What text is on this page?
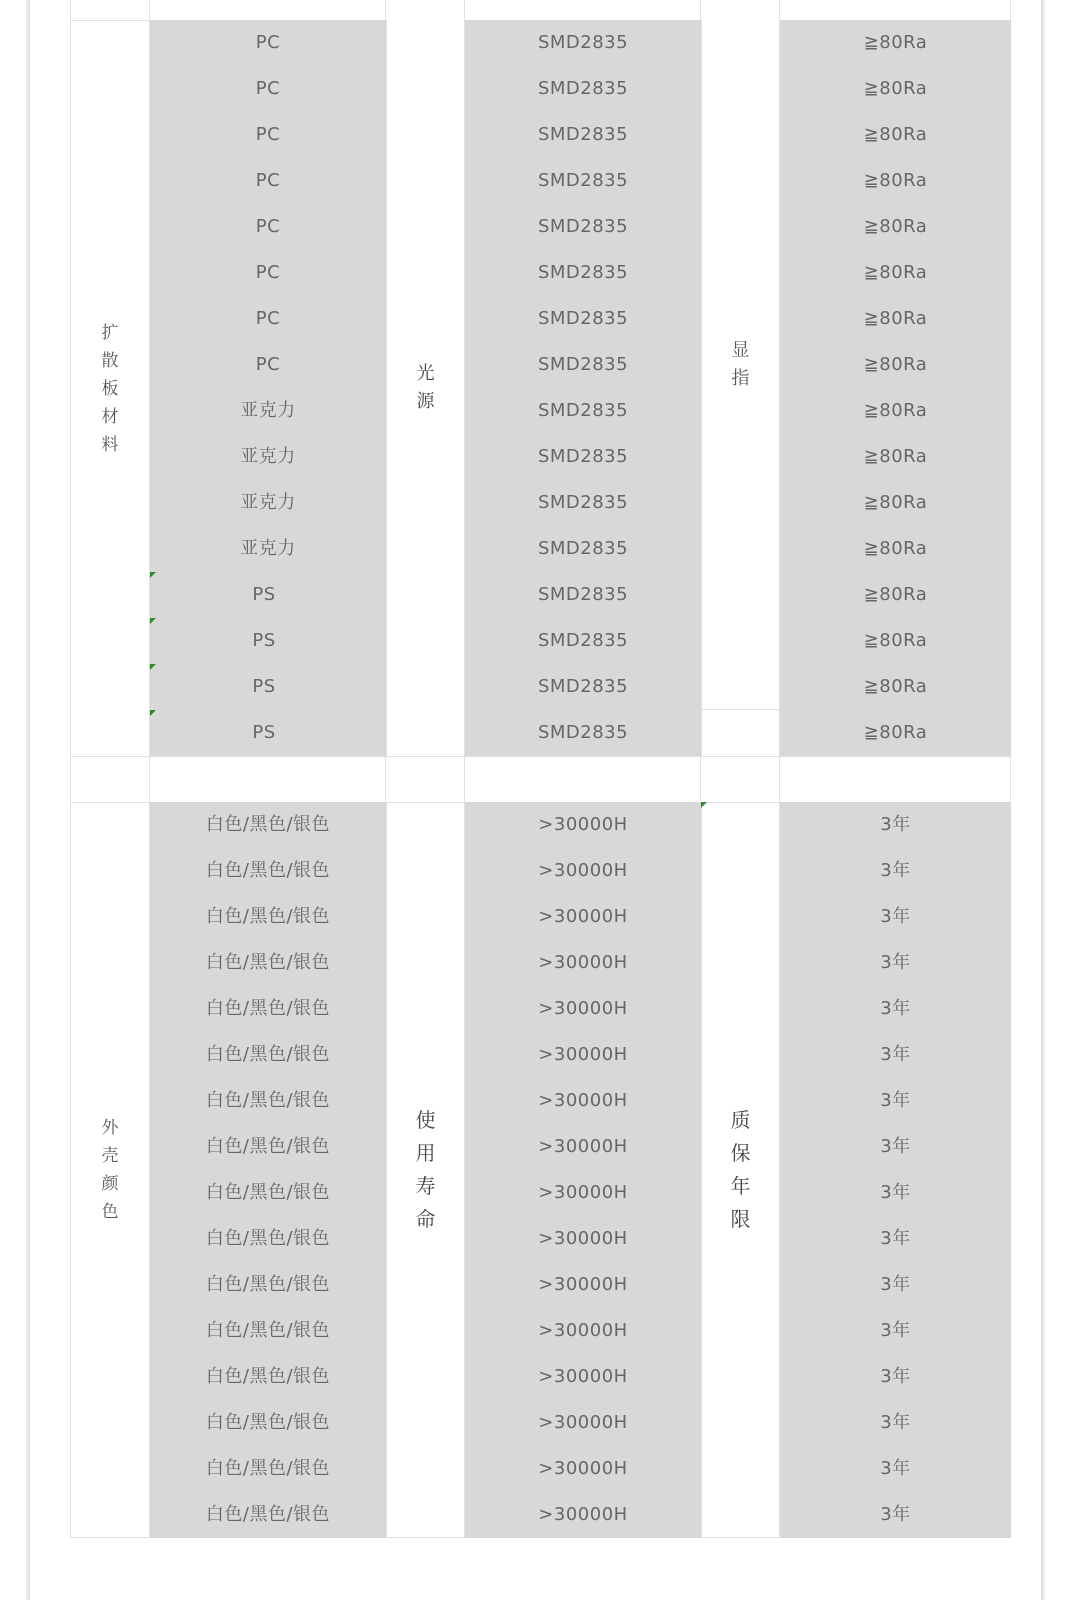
扩
散
板
材
料
PC
PC
PC
PC
PC
PC
PC
PC
亚克力
亚克力
亚克力
亚克力
PS
PS
PS
PS
光
源
SMD2835
SMD2835
SMD2835
SMD2835
SMD2835
SMD2835
SMD2835
SMD2835
SMD2835
SMD2835
SMD2835
SMD2835
SMD2835
SMD2835
SMD2835
SMD2835
显
指
≧80Ra
≧80Ra
≧80Ra
≧80Ra
≧80Ra
≧80Ra
≧80Ra
≧80Ra
≧80Ra
≧80Ra
≧80Ra
≧80Ra
≧80Ra
≧80Ra
≧80Ra
≧80Ra
外
壳
颜
色
白色/黑色/银色
白色/黑色/银色
白色/黑色/银色
白色/黑色/银色
白色/黑色/银色
白色/黑色/银色
白色/黑色/银色
白色/黑色/银色
白色/黑色/银色
白色/黑色/银色
白色/黑色/银色
白色/黑色/银色
白色/黑色/银色
白色/黑色/银色
白色/黑色/银色
白色/黑色/银色
使
用
寿
命
>30000H
>30000H
>30000H
>30000H
>30000H
>30000H
>30000H
>30000H
>30000H
>30000H
>30000H
>30000H
>30000H
>30000H
>30000H
>30000H
质
保
年
限
3年
3年
3年
3年
3年
3年
3年
3年
3年
3年
3年
3年
3年
3年
3年
3年
